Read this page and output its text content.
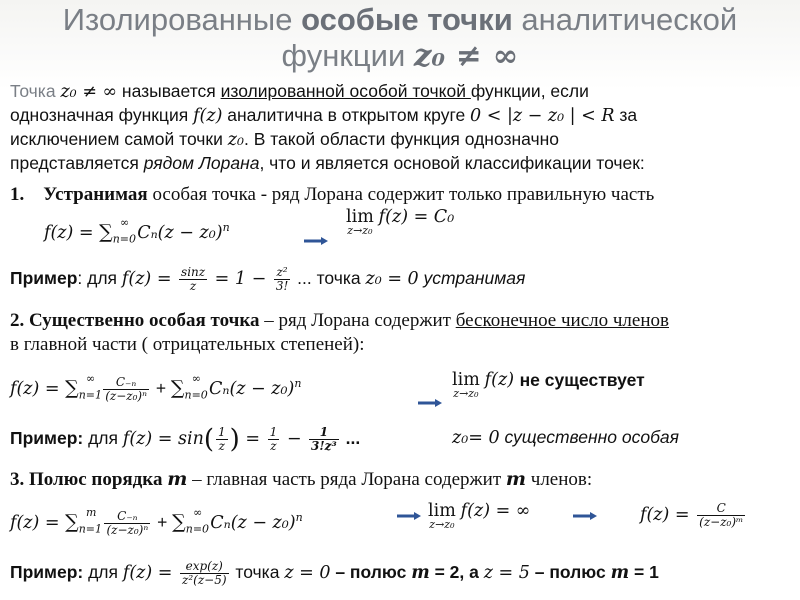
Изолированные особые точки аналитической
функции z₀ ≠ ∞
Точка z₀ ≠ ∞ называется изолированной особой точкой функции, если
однозначная функция f(z) аналитична в открытом круге 0 < |z − z₀ | < R за
исключением самой точки z₀. В такой области функция однозначно
представляется рядом Лорана, что и является основой классификации точек:
1. Устранимая особая точка - ряд Лорана содержит только правильную часть
$f(z) = \sum_{n=0}^\infty C_n(z - z_0)^n$
lim
z→z₀
f(z) = C₀
Пример: для $f(z) = \frac{\sin z}{z} = 1 - \frac{\text{z²}}{3!}$ ... точка z₀ = 0 устранимая
2. Существенно особая точка – ряд Лорана содержит бесконечное число членов
в главной части ( отрицательных степеней):
$f(z) = \sum_{n=1}^\infty \frac{\text{C₋ₙ}}{\text{(z−z₀)ⁿ}} + \sum_{n=0}^\infty C_n(z - z_0)^n$	lim
z→z₀
f(z) не существует
Пример: для $f(z) = \sin( \frac{1}{z}$ ) = $\frac{1}{z} - \frac{1}{\text{3!z³}}$ ...	z₀= 0 существенно особая
3. Полюс порядка m – главная часть ряда Лорана содержит m членов:
$f(z) = \sum_{n=1}^m \frac{\text{C₋ₙ}}{\text{(z−z₀)ⁿ}} + \sum_{n=0}^\infty C_n(z - z_0)^n$	lim
z→z₀
f(z) = ∞	$f(z) = \frac{C}{\text{(z−z₀)ᵐ}}$
Пример: для $f(z) = \frac{\exp(z)}{\text{z²(z−5)}}$ точка z = 0 – полюс m = 2, а z = 5 – полюс m = 1
